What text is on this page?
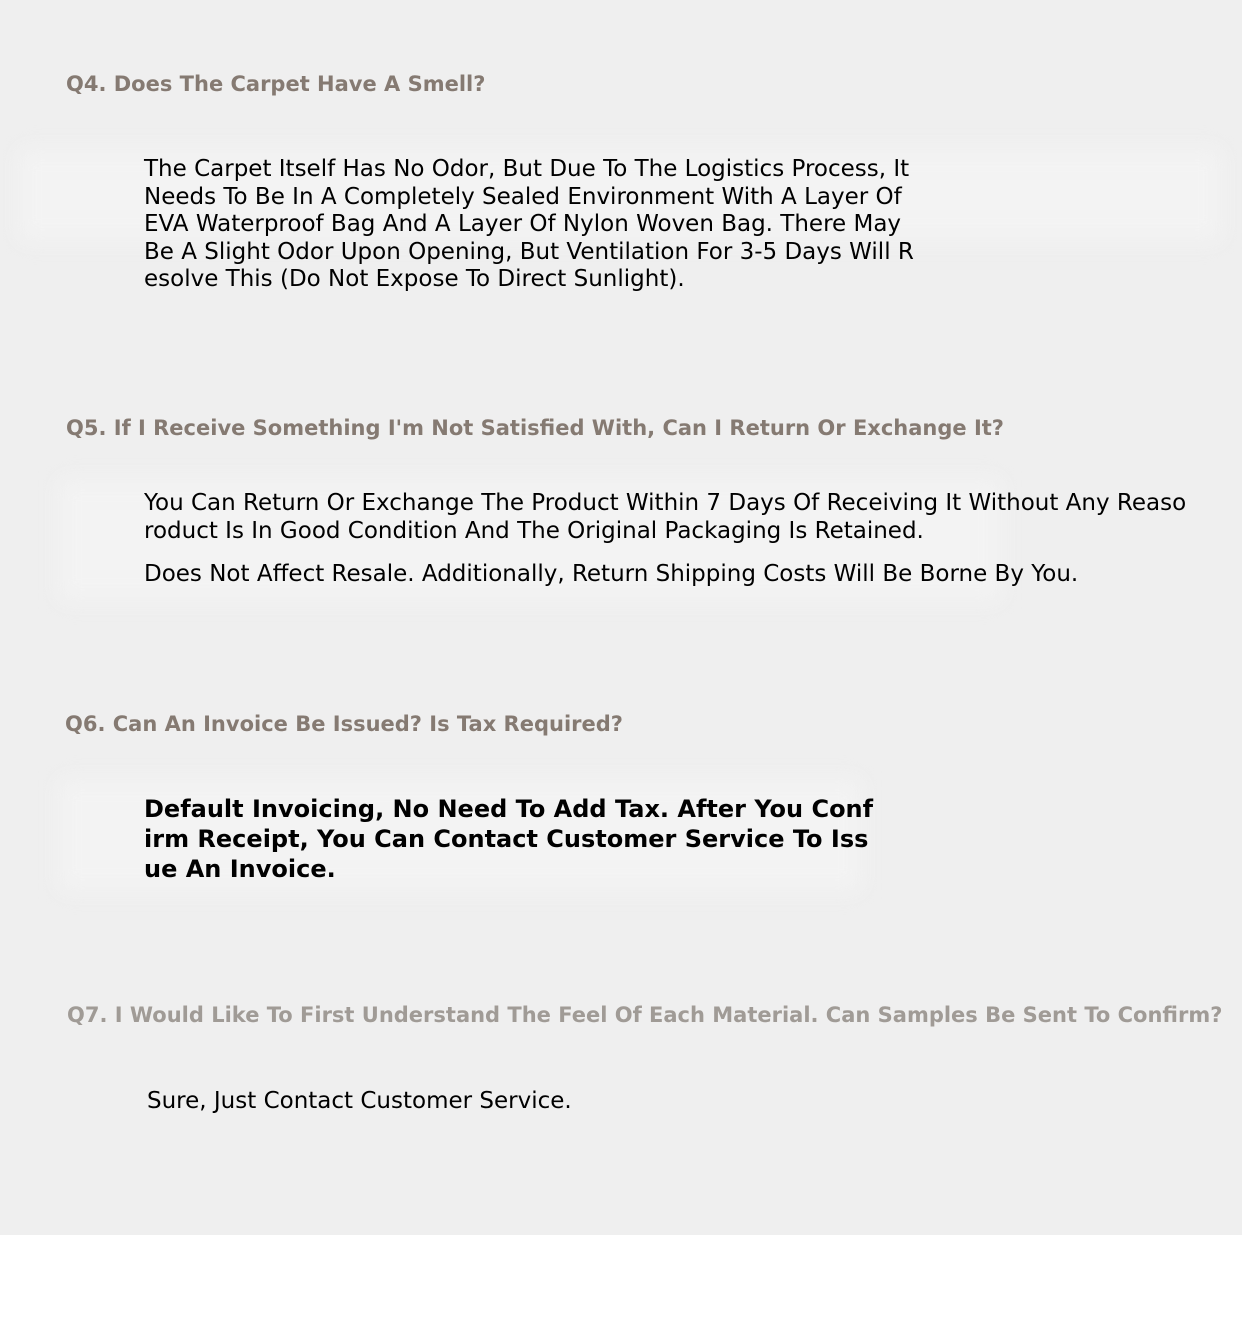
Q4. Does The Carpet Have A Smell?
The Carpet Itself Has No Odor, But Due To The Logistics Process, It
Needs To Be In A Completely Sealed Environment With A Layer Of
EVA Waterproof Bag And A Layer Of Nylon Woven Bag. There May
Be A Slight Odor Upon Opening, But Ventilation For 3-5 Days Will R
esolve This (Do Not Expose To Direct Sunlight).
Q5. If I Receive Something I'm Not Satisfied With, Can I Return Or Exchange It?
You Can Return Or Exchange The Product Within 7 Days Of Receiving It Without Any Reaso
roduct Is In Good Condition And The Original Packaging Is Retained.
Does Not Affect Resale. Additionally, Return Shipping Costs Will Be Borne By You.
Q6. Can An Invoice Be Issued? Is Tax Required?
Default Invoicing, No Need To Add Tax. After You Conf
irm Receipt, You Can Contact Customer Service To Iss
ue An Invoice.
Q7. I Would Like To First Understand The Feel Of Each Material. Can Samples Be Sent To Confirm?
Sure, Just Contact Customer Service.
